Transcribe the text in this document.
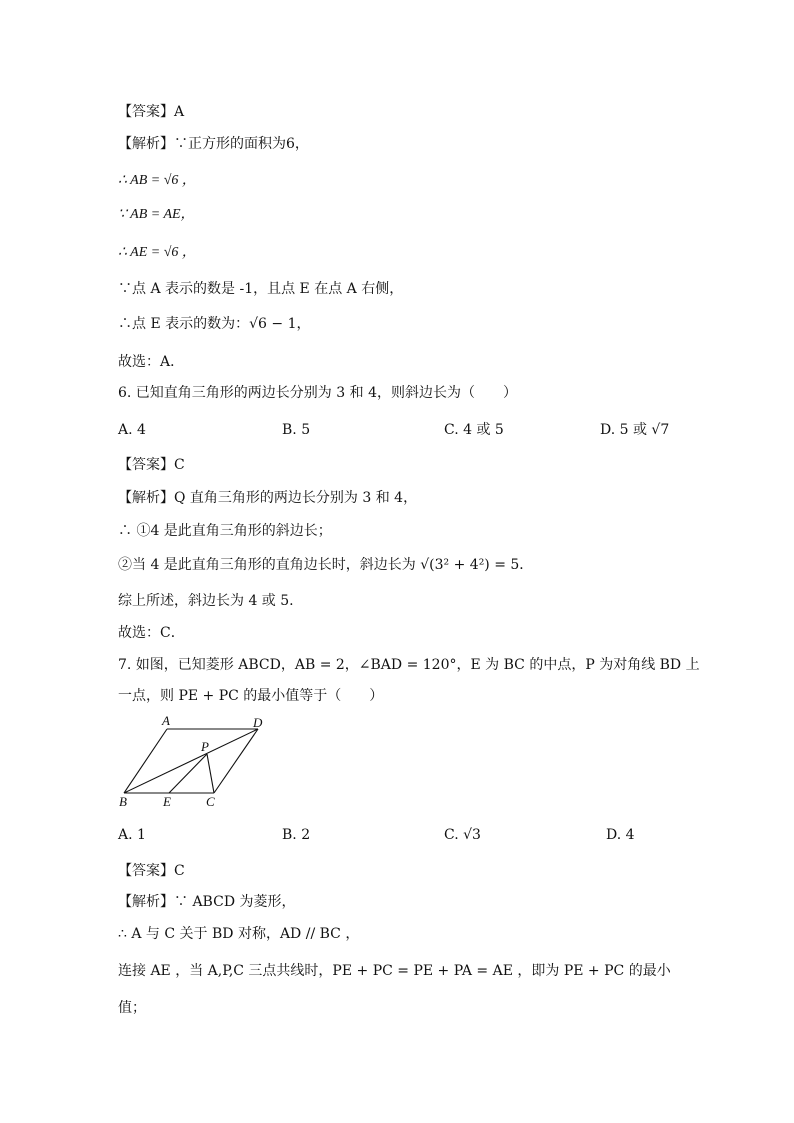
【答案】A
【解析】∵正方形的面积为6，
∴ AB = √6 ，
∵ AB = AE，
∴ AE = √6 ，
∵点 A 表示的数是 -1，且点 E 在点 A 右侧，
∴点 E 表示的数为：√6 − 1，
故选：A．
6. 已知直角三角形的两边长分别为 3 和 4，则斜边长为（　　）
A. 4	B. 5	C. 4 或 5	D. 5 或 √7
【答案】C
【解析】Q 直角三角形的两边长分别为 3 和 4，
∴ ①4 是此直角三角形的斜边长；
②当 4 是此直角三角形的直角边长时，斜边长为 √(3² + 4²) = 5．
综上所述，斜边长为 4 或 5.
故选：C．
7. 如图，已知菱形 ABCD，AB = 2，∠BAD = 120°，E 为 BC 的中点，P 为对角线 BD 上
一点，则 PE + PC 的最小值等于（　　）
A	D
P
B	E	C
A. 1	B. 2	C. √3	D. 4
【答案】C
【解析】∵ ABCD 为菱形，
∴ A 与 C 关于 BD 对称，AD // BC ，
连接 AE ，当 A,P,C 三点共线时，PE + PC = PE + PA = AE ，即为 PE + PC 的最小
值；
